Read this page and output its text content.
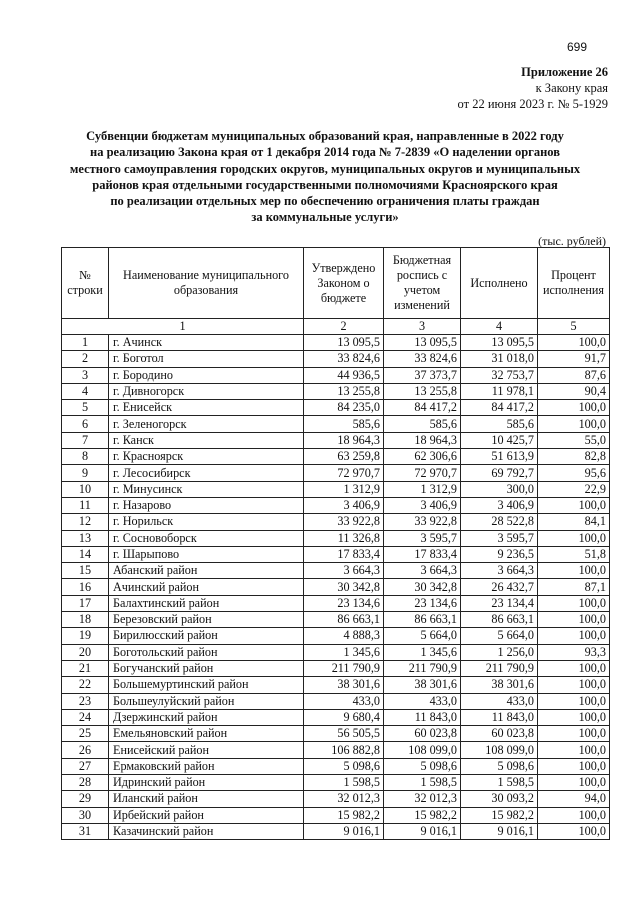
699
Приложение 26
к Закону края
от 22 июня 2023 г. № 5-1929
Субвенции бюджетам муниципальных образований края, направленные в 2022 году
на реализацию Закона края от 1 декабря 2014 года № 7-2839 «О наделении органов
местного самоуправления городских округов, муниципальных округов и муниципальных
районов края отдельными государственными полномочиями Красноярского края
по реализации отдельных мер по обеспечению ограничения платы граждан
за коммунальные услуги»
(тыс. рублей)
№ строки	Наименование муниципального образования	Утверждено Законом о бюджете	Бюджетная роспись с учетом изменений	Исполнено	Процент исполнения
1		2	3	4	5
1	г. Ачинск	13 095,5	13 095,5	13 095,5	100,0
2	г. Боготол	33 824,6	33 824,6	31 018,0	91,7
3	г. Бородино	44 936,5	37 373,7	32 753,7	87,6
4	г. Дивногорск	13 255,8	13 255,8	11 978,1	90,4
5	г. Енисейск	84 235,0	84 417,2	84 417,2	100,0
6	г. Зеленогорск	585,6	585,6	585,6	100,0
7	г. Канск	18 964,3	18 964,3	10 425,7	55,0
8	г. Красноярск	63 259,8	62 306,6	51 613,9	82,8
9	г. Лесосибирск	72 970,7	72 970,7	69 792,7	95,6
10	г. Минусинск	1 312,9	1 312,9	300,0	22,9
11	г. Назарово	3 406,9	3 406,9	3 406,9	100,0
12	г. Норильск	33 922,8	33 922,8	28 522,8	84,1
13	г. Сосновоборск	11 326,8	3 595,7	3 595,7	100,0
14	г. Шарыпово	17 833,4	17 833,4	9 236,5	51,8
15	Абанский район	3 664,3	3 664,3	3 664,3	100,0
16	Ачинский район	30 342,8	30 342,8	26 432,7	87,1
17	Балахтинский район	23 134,6	23 134,6	23 134,4	100,0
18	Березовский район	86 663,1	86 663,1	86 663,1	100,0
19	Бирилюсский район	4 888,3	5 664,0	5 664,0	100,0
20	Боготольский район	1 345,6	1 345,6	1 256,0	93,3
21	Богучанский район	211 790,9	211 790,9	211 790,9	100,0
22	Большемуртинский район	38 301,6	38 301,6	38 301,6	100,0
23	Большеулуйский район	433,0	433,0	433,0	100,0
24	Дзержинский район	9 680,4	11 843,0	11 843,0	100,0
25	Емельяновский район	56 505,5	60 023,8	60 023,8	100,0
26	Енисейский район	106 882,8	108 099,0	108 099,0	100,0
27	Ермаковский район	5 098,6	5 098,6	5 098,6	100,0
28	Идринский район	1 598,5	1 598,5	1 598,5	100,0
29	Иланский район	32 012,3	32 012,3	30 093,2	94,0
30	Ирбейский район	15 982,2	15 982,2	15 982,2	100,0
31	Казачинский район	9 016,1	9 016,1	9 016,1	100,0
